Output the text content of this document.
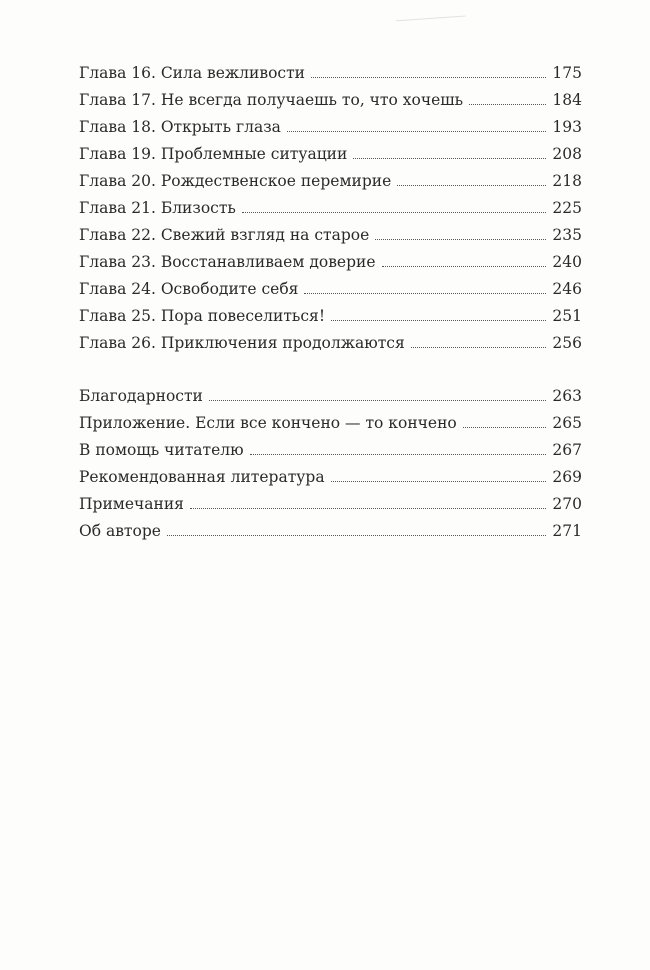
Глава 16. Сила вежливости	175
Глава 17. Не всегда получаешь то, что хочешь	184
Глава 18. Открыть глаза	193
Глава 19. Проблемные ситуации	208
Глава 20. Рождественское перемирие	218
Глава 21. Близость	225
Глава 22. Свежий взгляд на старое	235
Глава 23. Восстанавливаем доверие	240
Глава 24. Освободите себя	246
Глава 25. Пора повеселиться!	251
Глава 26. Приключения продолжаются	256
Благодарности	263
Приложение. Если все кончено — то кончено	265
В помощь читателю	267
Рекомендованная литература	269
Примечания	270
Об авторе	271
